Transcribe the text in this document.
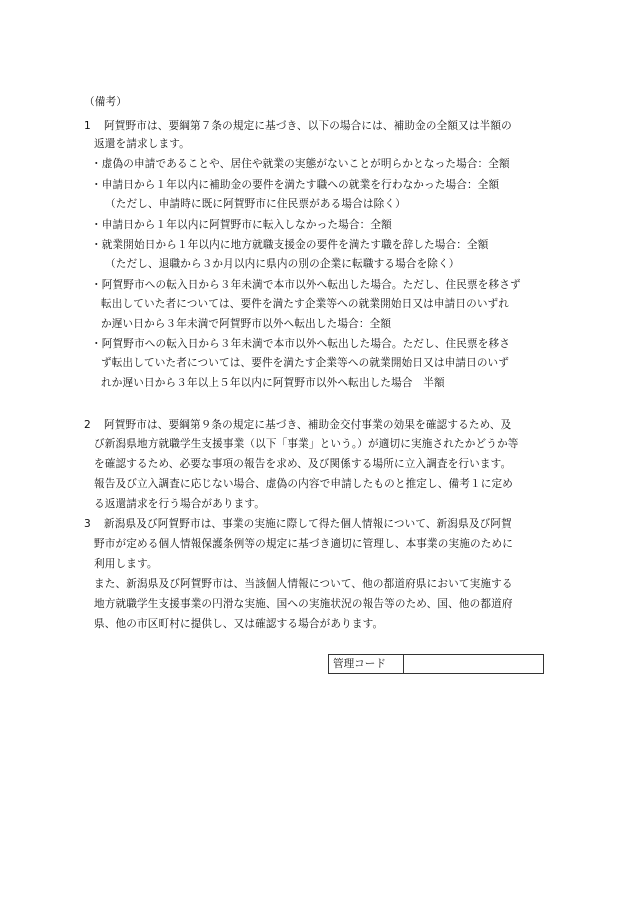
（備考）
1 阿賀野市は、要綱第７条の規定に基づき、以下の場合には、補助金の全額又は半額の
返還を請求します。
・虚偽の申請であることや、居住や就業の実態がないことが明らかとなった場合：全額
・申請日から１年以内に補助金の要件を満たす職への就業を行わなかった場合：全額
（ただし、申請時に既に阿賀野市に住民票がある場合は除く）
・申請日から１年以内に阿賀野市に転入しなかった場合：全額
・就業開始日から１年以内に地方就職支援金の要件を満たす職を辞した場合：全額
（ただし、退職から３か月以内に県内の別の企業に転職する場合を除く）
・阿賀野市への転入日から３年未満で本市以外へ転出した場合。ただし、住民票を移さず
転出していた者については、要件を満たす企業等への就業開始日又は申請日のいずれ
か遅い日から３年未満で阿賀野市以外へ転出した場合：全額
・阿賀野市への転入日から３年未満で本市以外へ転出した場合。ただし、住民票を移さ
ず転出していた者については、要件を満たす企業等への就業開始日又は申請日のいず
れか遅い日から３年以上５年以内に阿賀野市以外へ転出した場合　半額
2 阿賀野市は、要綱第９条の規定に基づき、補助金交付事業の効果を確認するため、及
び新潟県地方就職学生支援事業（以下「事業」という。）が適切に実施されたかどうか等
を確認するため、必要な事項の報告を求め、及び関係する場所に立入調査を行います。
報告及び立入調査に応じない場合、虚偽の内容で申請したものと推定し、備考１に定め
る返還請求を行う場合があります。
3 新潟県及び阿賀野市は、事業の実施に際して得た個人情報について、新潟県及び阿賀
野市が定める個人情報保護条例等の規定に基づき適切に管理し、本事業の実施のために
利用します。
また、新潟県及び阿賀野市は、当該個人情報について、他の都道府県において実施する
地方就職学生支援事業の円滑な実施、国への実施状況の報告等のため、国、他の都道府
県、他の市区町村に提供し、又は確認する場合があります。
管理コード
